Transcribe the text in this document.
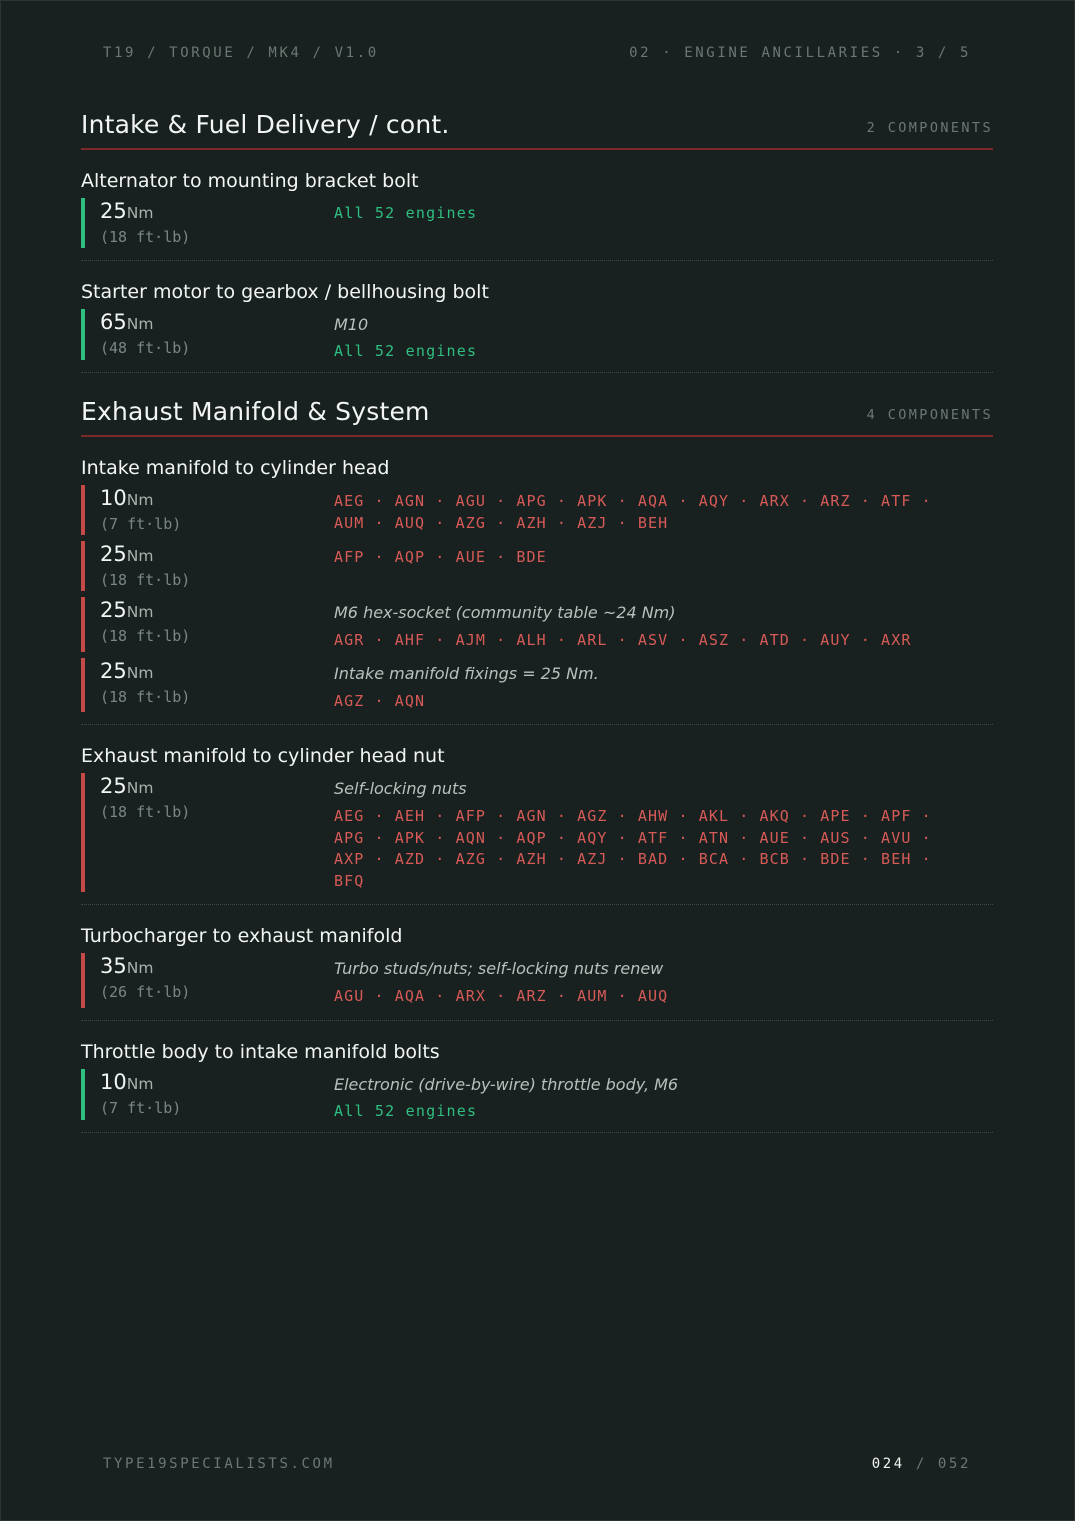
T19 / TORQUE / MK4 / V1.0	02 · ENGINE ANCILLARIES · 3 / 5
Intake & Fuel Delivery / cont.	2 COMPONENTS
Alternator to mounting bracket bolt
25Nm
(18 ft·lb)
All 52 engines
Starter motor to gearbox / bellhousing bolt
65Nm
(48 ft·lb)
M10
All 52 engines
Exhaust Manifold & System	4 COMPONENTS
Intake manifold to cylinder head
10Nm
(7 ft·lb)
AEG · AGN · AGU · APG · APK · AQA · AQY · ARX · ARZ · ATF · AUM · AUQ · AZG · AZH · AZJ · BEH
25Nm
(18 ft·lb)
AFP · AQP · AUE · BDE
25Nm
(18 ft·lb)
M6 hex-socket (community table ~24 Nm)
AGR · AHF · AJM · ALH · ARL · ASV · ASZ · ATD · AUY · AXR
25Nm
(18 ft·lb)
Intake manifold fixings = 25 Nm.
AGZ · AQN
Exhaust manifold to cylinder head nut
25Nm
(18 ft·lb)
Self-locking nuts
AEG · AEH · AFP · AGN · AGZ · AHW · AKL · AKQ · APE · APF · APG · APK · AQN · AQP · AQY · ATF · ATN · AUE · AUS · AVU · AXP · AZD · AZG · AZH · AZJ · BAD · BCA · BCB · BDE · BEH · BFQ
Turbocharger to exhaust manifold
35Nm
(26 ft·lb)
Turbo studs/nuts; self-locking nuts renew
AGU · AQA · ARX · ARZ · AUM · AUQ
Throttle body to intake manifold bolts
10Nm
(7 ft·lb)
Electronic (drive-by-wire) throttle body, M6
All 52 engines
TYPE19SPECIALISTS.COM	024 / 052
